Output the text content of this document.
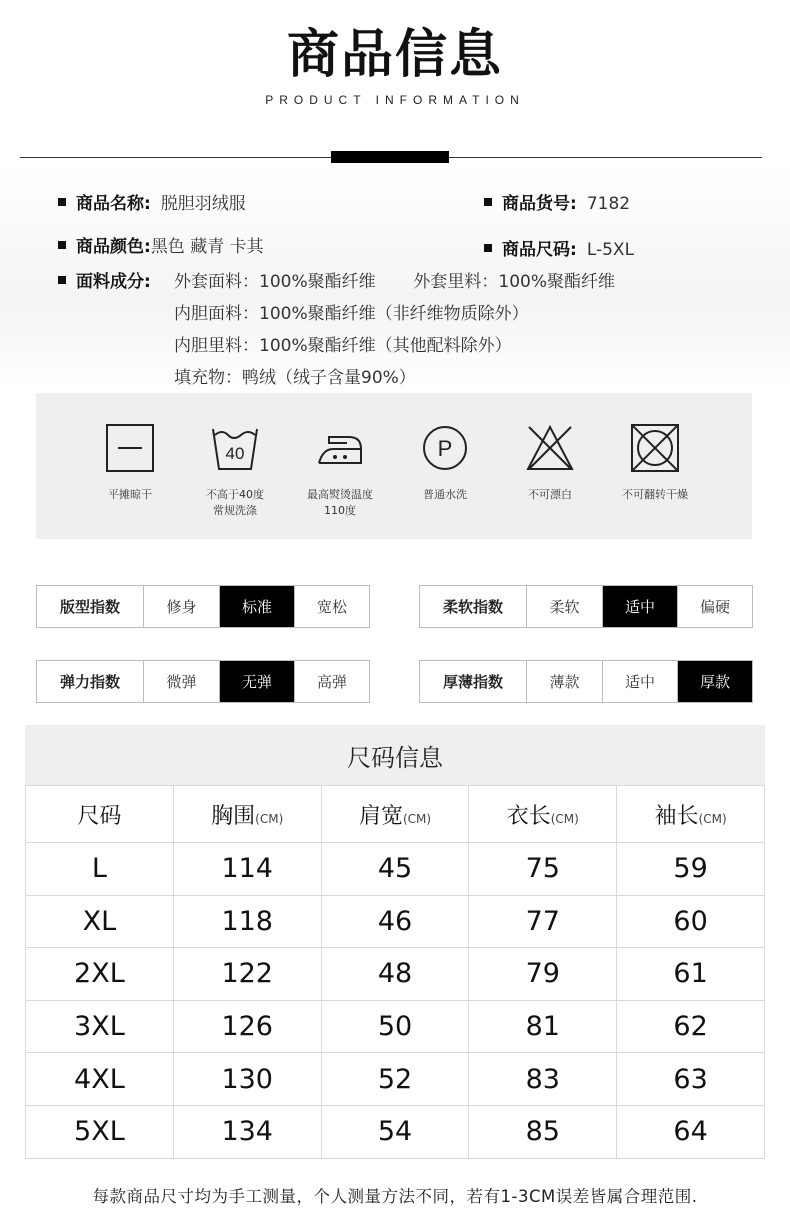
商品信息
PRODUCT INFORMATION
商品名称: 脱胆羽绒服	商品货号: 7182
商品颜色:黑色 藏青 卡其	商品尺码: L-5XL
面料成分: 外套面料：100%聚酯纤维       外套里料：100%聚酯纤维
内胆面料：100%聚酯纤维（非纤维物质除外）
内胆里料：100%聚酯纤维（其他配料除外）
填充物：鸭绒（绒子含量90%）
平摊晾干
40
不高于40度
常规洗涤
最高熨烫温度
110度
P
普通水洗	不可漂白	不可翻转干燥
版型指数	修身	标准	宽松	柔软指数	柔软	适中	偏硬
弹力指数	微弹	无弹	高弹	厚薄指数	薄款	适中	厚款
尺码信息
尺码	胸围(CM)	肩宽(CM)	衣长(CM)	袖长(CM)
L	114	45	75	59
XL	118	46	77	60
2XL	122	48	79	61
3XL	126	50	81	62
4XL	130	52	83	63
5XL	134	54	85	64
每款商品尺寸均为手工测量，个人测量方法不同，若有1-3CM误差皆属合理范围.
